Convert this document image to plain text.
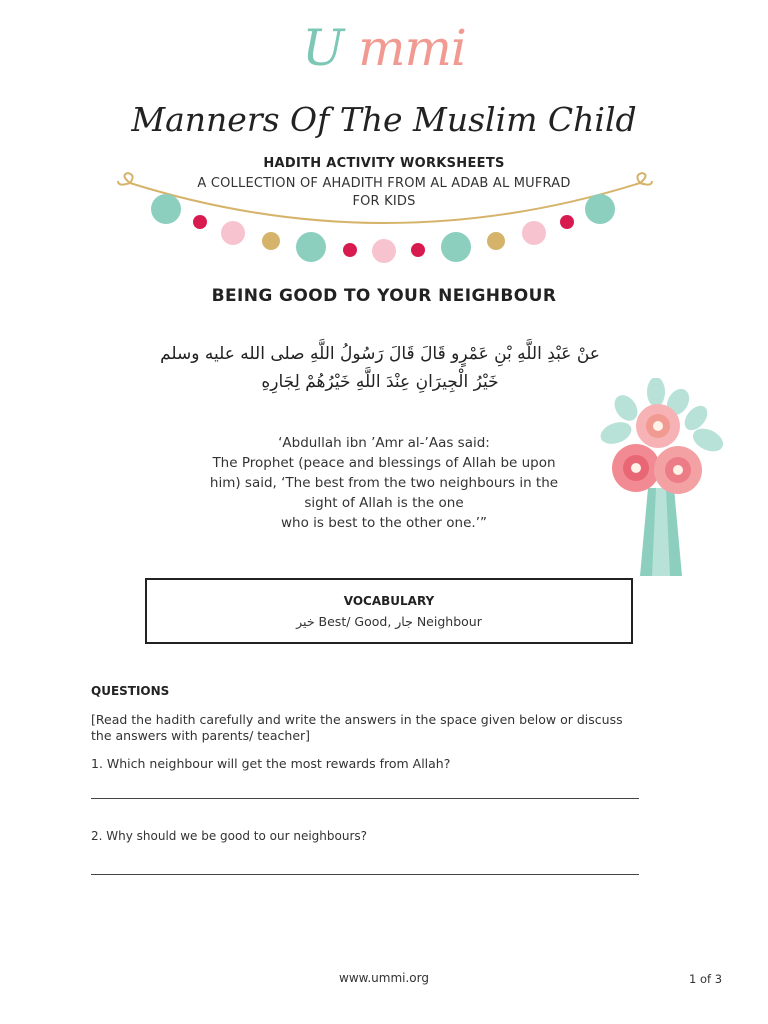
U mmi
Manners Of The Muslim Child
HADITH ACTIVITY WORKSHEETS
A COLLECTION OF AHADITH FROM AL ADAB AL MUFRAD
FOR KIDS
BEING GOOD TO YOUR NEIGHBOUR
عنْ عَبْدِ اللَّهِ بْنِ عَمْرٍو قَالَ قَالَ رَسُولُ اللَّهِ صلى الله عليه وسلم
خَيْرُ الْجِيرَانِ عِنْدَ اللَّهِ خَيْرُهُمْ لِجَارِهِ
‘Abdullah ibn ’Amr al-’Aas said:
The Prophet (peace and blessings of Allah be upon
him) said, ‘The best from the two neighbours in the
sight of Allah is the one
who is best to the other one.’”
VOCABULARY
خير Best/ Good, جار Neighbour
QUESTIONS
[Read the hadith carefully and write the answers in the space given below or discuss
the answers with parents/ teacher]
1. Which neighbour will get the most rewards from Allah?
2. Why should we be good to our neighbours?
www.ummi.org	1 of 3
